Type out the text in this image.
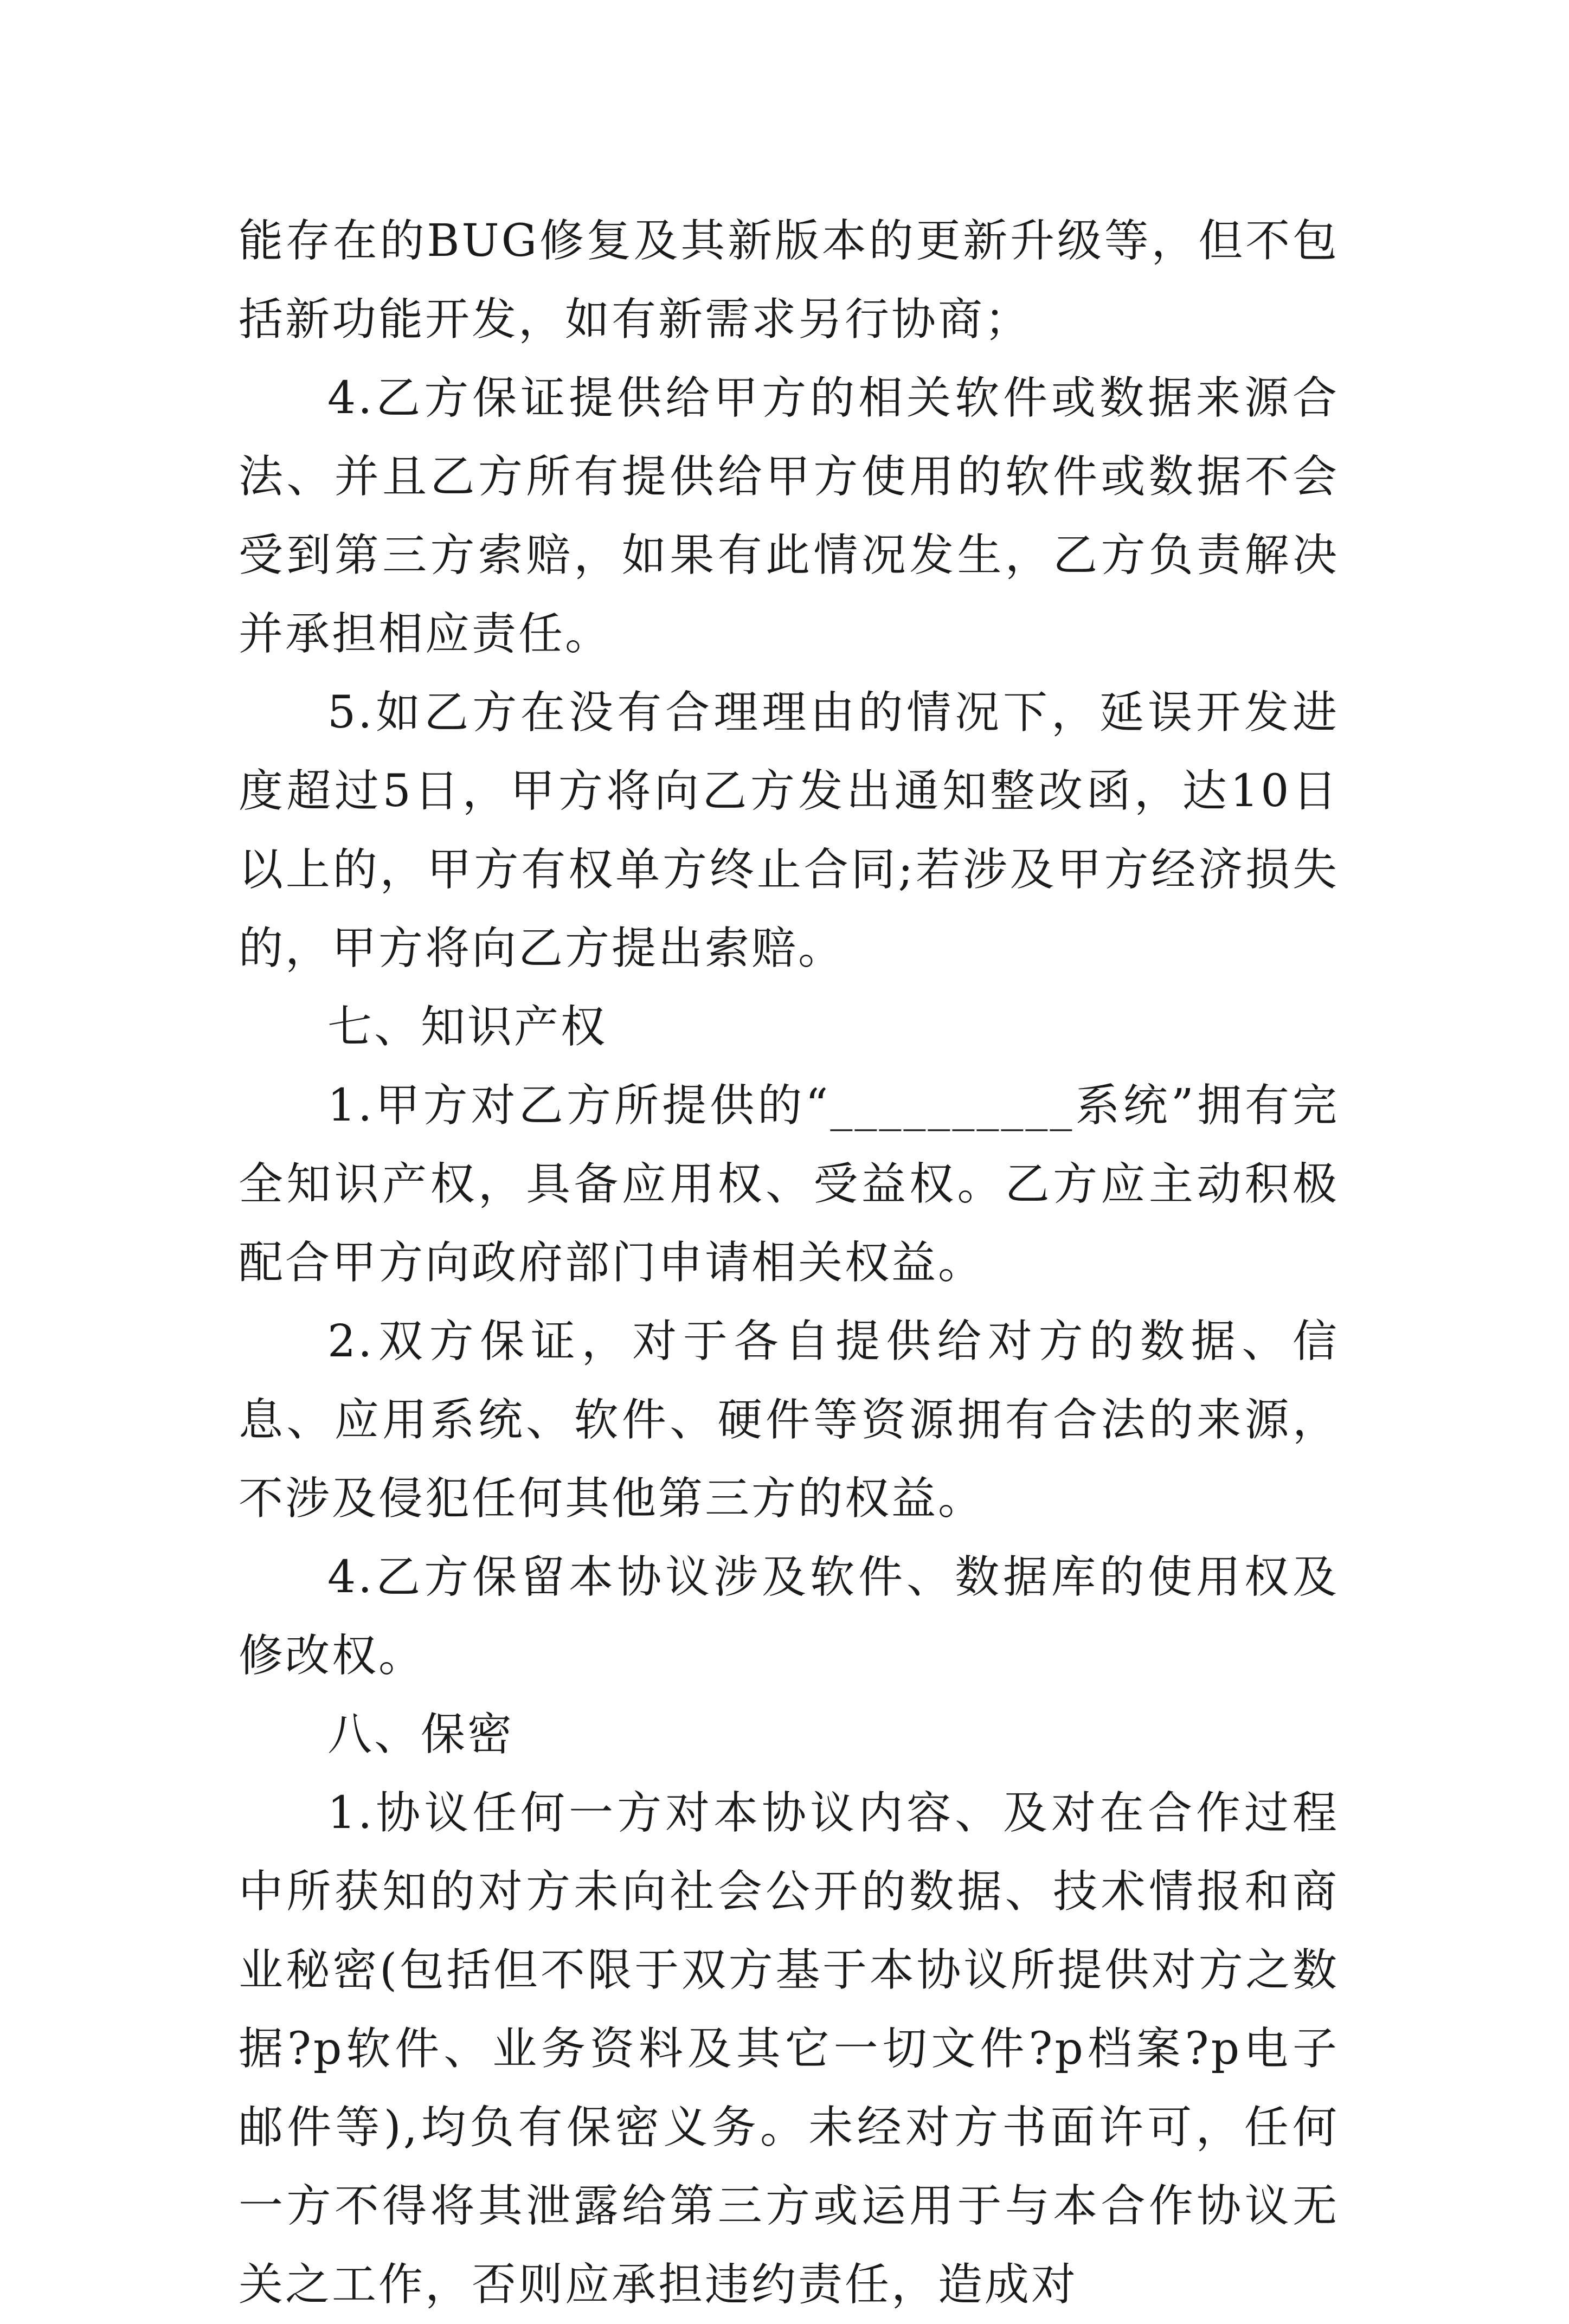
能存在的BUG修复及其新版本的更新升级等，但不包括新功能开发，如有新需求另行协商；

4.乙方保证提供给甲方的相关软件或数据来源合法、并且乙方所有提供给甲方使用的软件或数据不会受到第三方索赔，如果有此情况发生，乙方负责解决并承担相应责任。

5.如乙方在没有合理理由的情况下，延误开发进度超过5日，甲方将向乙方发出通知整改函，达10日以上的，甲方有权单方终止合同;若涉及甲方经济损失的，甲方将向乙方提出索赔。

七、知识产权

1.甲方对乙方所提供的“__________系统”拥有完全知识产权，具备应用权、受益权。乙方应主动积极配合甲方向政府部门申请相关权益。

2.双方保证，对于各自提供给对方的数据、信息、应用系统、软件、硬件等资源拥有合法的来源，不涉及侵犯任何其他第三方的权益。

4.乙方保留本协议涉及软件、数据库的使用权及修改权。

八、保密

1.协议任何一方对本协议内容、及对在合作过程中所获知的对方未向社会公开的数据、技术情报和商业秘密(包括但不限于双方基于本协议所提供对方之数据?p软件、业务资料及其它一切文件?p档案?p电子邮件等),均负有保密义务。未经对方书面许可，任何一方不得将其泄露给第三方或运用于与本合作协议无关之工作，否则应承担违约责任，造成对
